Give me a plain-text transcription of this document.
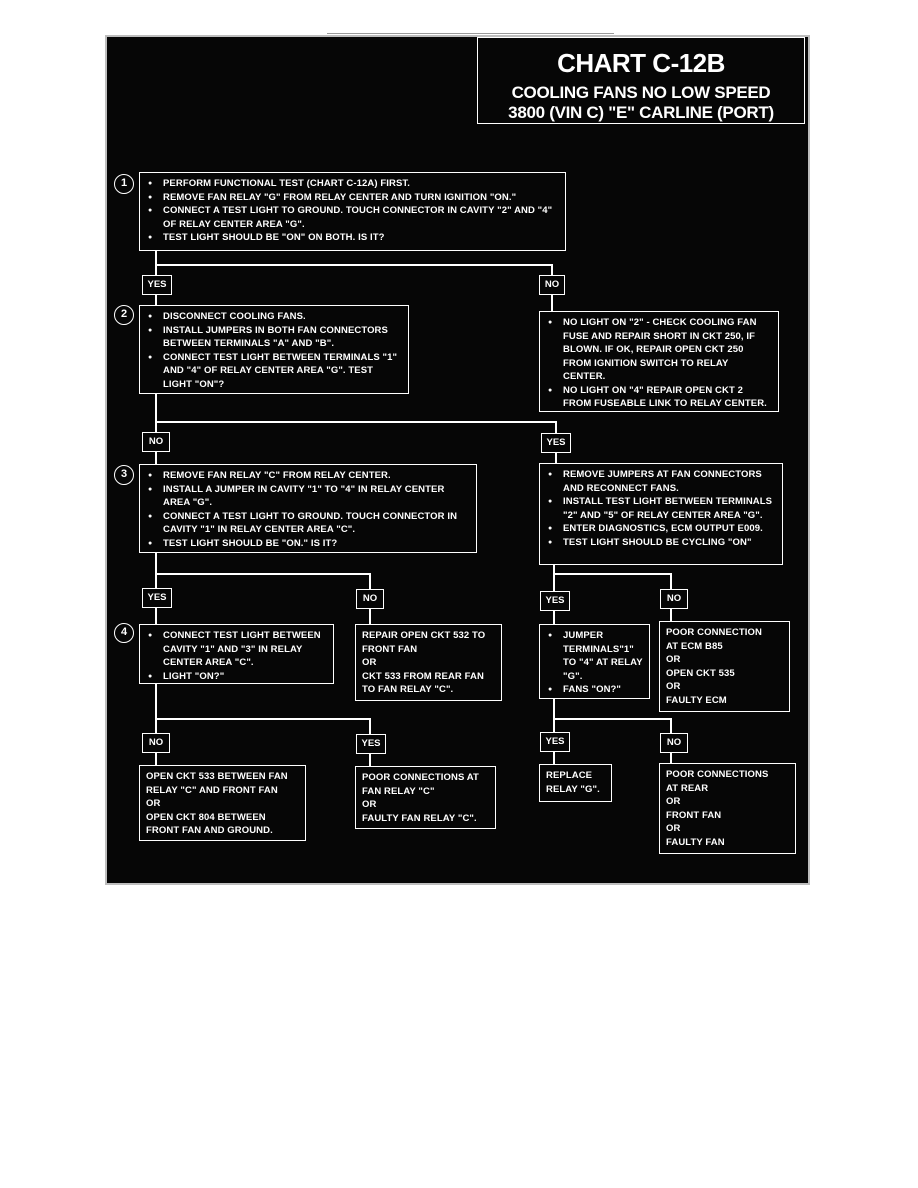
CHART C-12B
COOLING FANS NO LOW SPEED
3800 (VIN C) "E" CARLINE (PORT)
1
2
3
4
● PERFORM FUNCTIONAL TEST (CHART C-12A) FIRST.
● REMOVE FAN RELAY "G" FROM RELAY CENTER AND TURN IGNITION "ON."
● CONNECT A TEST LIGHT TO GROUND. TOUCH CONNECTOR IN CAVITY "2" AND "4" OF RELAY CENTER AREA "G".
● TEST LIGHT SHOULD BE "ON" ON BOTH. IS IT?
YES	NO
● DISCONNECT COOLING FANS.
● INSTALL JUMPERS IN BOTH FAN CONNECTORS BETWEEN TERMINALS "A" AND "B".
● CONNECT TEST LIGHT BETWEEN TERMINALS "1" AND "4" OF RELAY CENTER AREA "G". TEST LIGHT "ON"?
● NO LIGHT ON "2" - CHECK COOLING FAN FUSE AND REPAIR SHORT IN CKT 250, IF BLOWN. IF OK, REPAIR OPEN CKT 250 FROM IGNITION SWITCH TO RELAY CENTER.
● NO LIGHT ON "4" REPAIR OPEN CKT 2 FROM FUSEABLE LINK TO RELAY CENTER.
NO	YES
● REMOVE FAN RELAY "C" FROM RELAY CENTER.
● INSTALL A JUMPER IN CAVITY "1" TO "4" IN RELAY CENTER AREA "G".
● CONNECT A TEST LIGHT TO GROUND. TOUCH CONNECTOR IN CAVITY "1" IN RELAY CENTER AREA "C".
● TEST LIGHT SHOULD BE "ON." IS IT?
● REMOVE JUMPERS AT FAN CONNECTORS AND RECONNECT FANS.
● INSTALL TEST LIGHT BETWEEN TERMINALS "2" AND "5" OF RELAY CENTER AREA "G".
● ENTER DIAGNOSTICS, ECM OUTPUT E009.
● TEST LIGHT SHOULD BE CYCLING "ON"
YES	NO	YES	NO
● CONNECT TEST LIGHT BETWEEN CAVITY "1" AND "3" IN RELAY CENTER AREA "C".
● LIGHT "ON?"
REPAIR OPEN CKT 532 TO
FRONT FAN
OR
CKT 533 FROM REAR FAN
TO FAN RELAY "C".
● JUMPER TERMINALS"1" TO "4" AT RELAY "G".
● FANS "ON?"
POOR CONNECTION
AT ECM B85
OR
OPEN CKT 535
OR
FAULTY ECM
NO	YES	YES	NO
OPEN CKT 533 BETWEEN FAN
RELAY "C" AND FRONT FAN
OR
OPEN CKT 804 BETWEEN
FRONT FAN AND GROUND.
POOR CONNECTIONS AT
FAN RELAY "C"
OR
FAULTY FAN RELAY "C".
REPLACE
RELAY "G".
POOR CONNECTIONS
AT REAR
OR
FRONT FAN
OR
FAULTY FAN
